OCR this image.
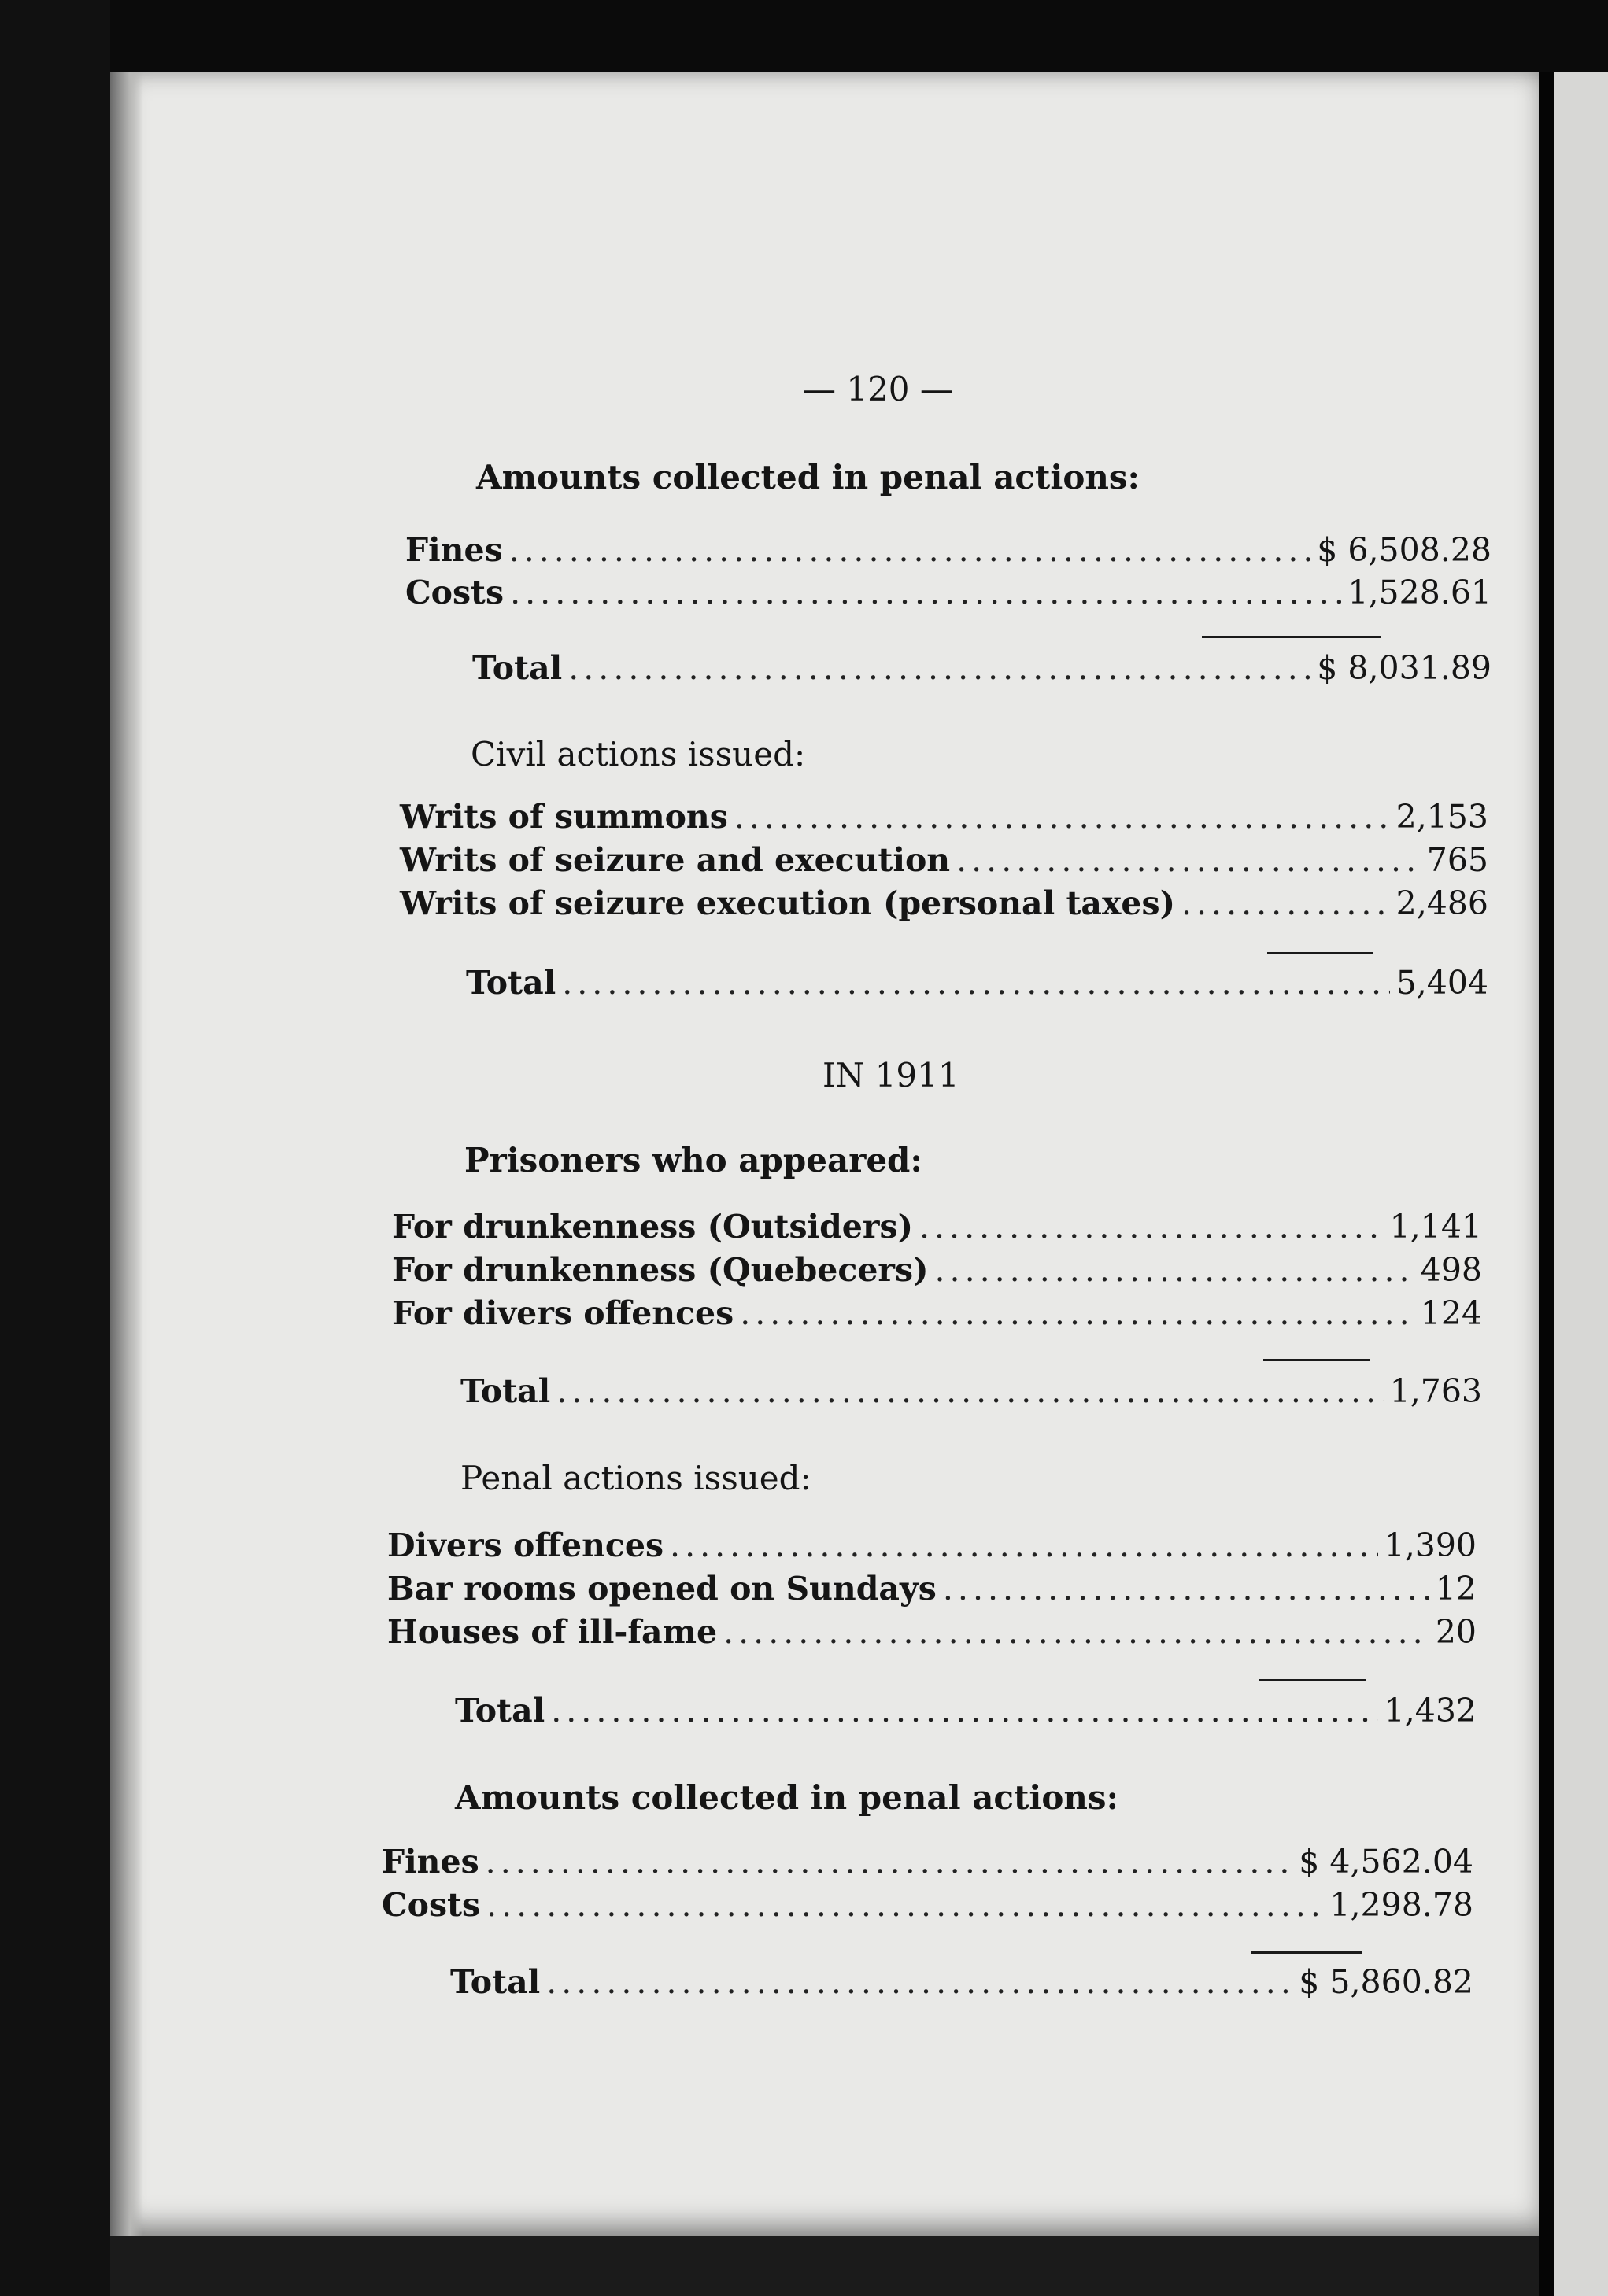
— 120 —
Amounts collected in penal actions:
Fines .....	$ 6,508.28
Costs .....	1,528.61
Total .....	$ 8,031.89
Civil actions issued:
Writs of summons .....	2,153
Writs of seizure and execution .....	765
Writs of seizure execution (personal taxes) .....	2,486
Total .....	5,404
IN 1911
Prisoners who appeared:
For drunkenness (Outsiders) .....	1,141
For drunkenness (Quebecers) .....	498
For divers offences .....	124
Total .....	1,763
Penal actions issued:
Divers offences .....	1,390
Bar rooms opened on Sundays .....	12
Houses of ill-fame .....	20
Total .....	1,432
Amounts collected in penal actions:
Fines .....	$ 4,562.04
Costs .....	1,298.78
Total .....	$ 5,860.82
